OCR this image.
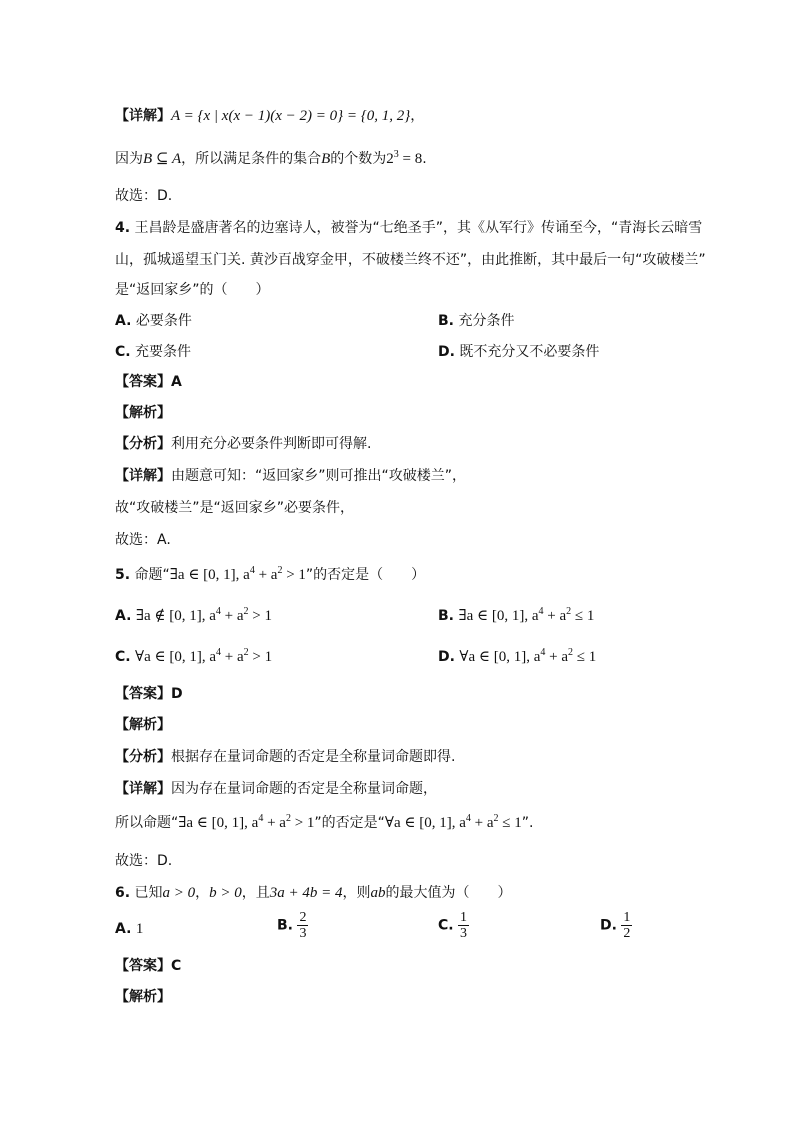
【详解】A = {x | x(x − 1)(x − 2) = 0} = {0, 1, 2}，
因为B ⊆ A，所以满足条件的集合B的个数为$2^3 = 8$.
故选：D.
4. 王昌龄是盛唐著名的边塞诗人，被誉为“七绝圣手”，其《从军行》传诵至今，“青海长云暗雪
山，孤城遥望玉门关. 黄沙百战穿金甲，不破楼兰终不还”，由此推断，其中最后一句“攻破楼兰”
是“返回家乡”的（　　）
A. 必要条件	B. 充分条件
C. 充要条件	D. 既不充分又不必要条件
【答案】A
【解析】
【分析】利用充分必要条件判断即可得解.
【详解】由题意可知：“返回家乡”则可推出“攻破楼兰”，
故“攻破楼兰”是“返回家乡”必要条件，
故选：A.
5. 命题“∃a ∈ [0, 1], $a^4 + a^2 > 1$”的否定是（　　）
A. ∃a ∉ [0, 1], $a^4 + a^2 > 1$	B. ∃a ∈ [0, 1], $a^4 + a^2 \le 1$
C. ∀a ∈ [0, 1], $a^4 + a^2 > 1$	D. ∀a ∈ [0, 1], $a^4 + a^2 \le 1$
【答案】D
【解析】
【分析】根据存在量词命题的否定是全称量词命题即得.
【详解】因为存在量词命题的否定是全称量词命题，
所以命题“∃a ∈ [0, 1], $a^4 + a^2 > 1$”的否定是“∀a ∈ [0, 1], $a^4 + a^2 \le 1$”.
故选：D.
6. 已知a > 0，b > 0，且3a + 4b = 4，则ab的最大值为（　　）
A. 1	B. $\frac{2}{3}$	C. $\frac{1}{3}$	D. $\frac{1}{2}$
【答案】C
【解析】
